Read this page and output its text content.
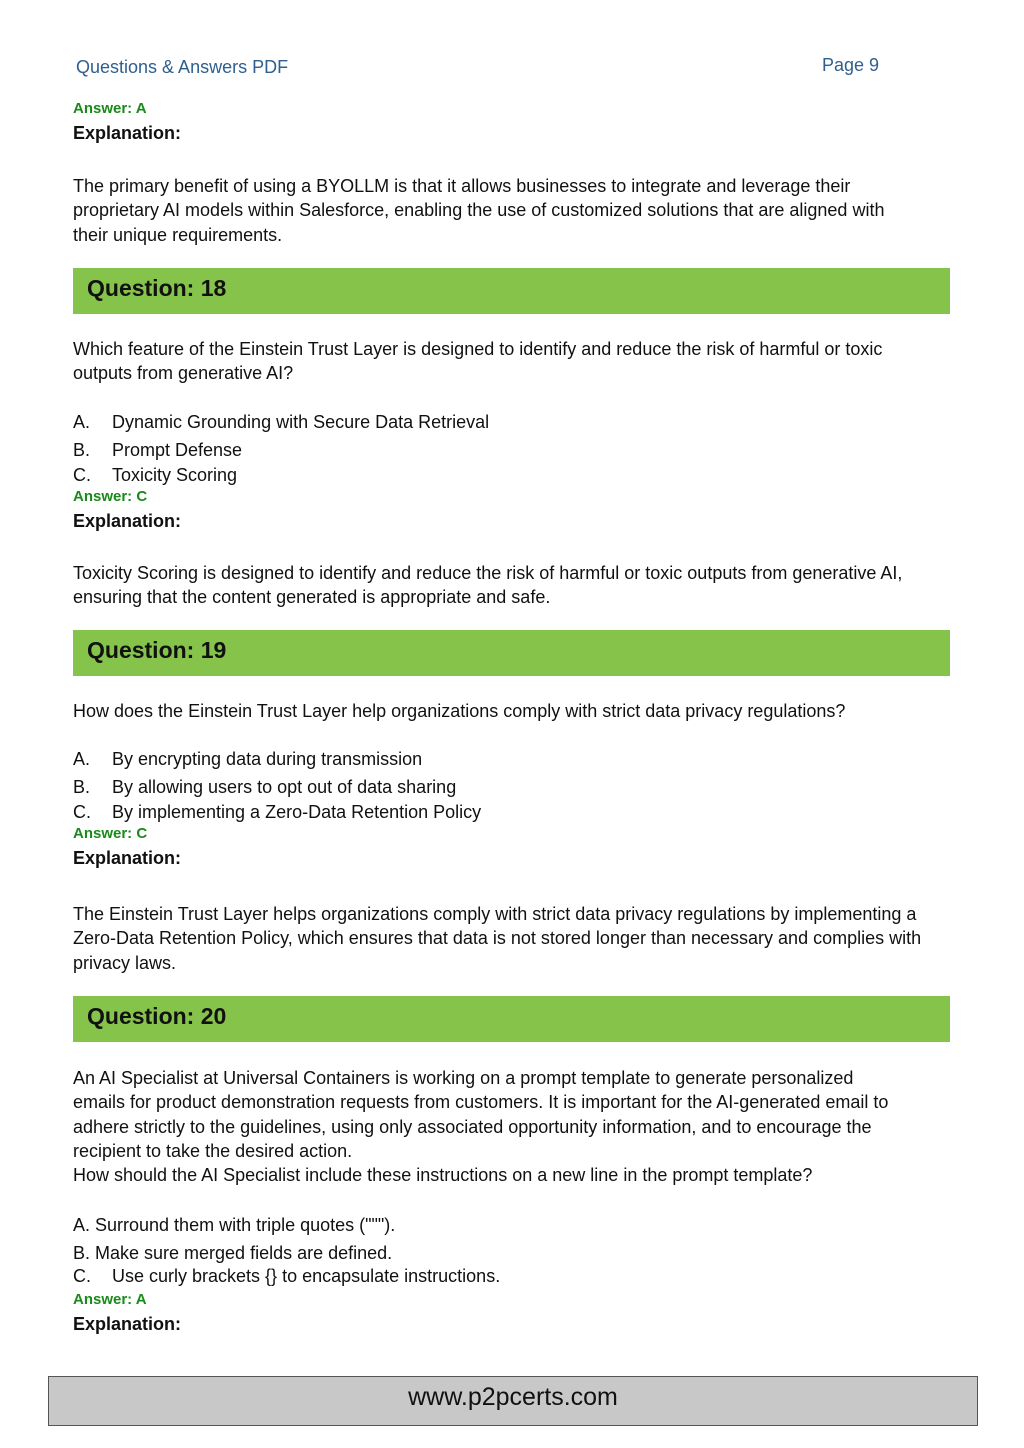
Questions & Answers PDF	Page 9
Answer: A
Explanation:
The primary benefit of using a BYOLLM is that it allows businesses to integrate and leverage their
proprietary AI models within Salesforce, enabling the use of customized solutions that are aligned with
their unique requirements.
Question: 18
Which feature of the Einstein Trust Layer is designed to identify and reduce the risk of harmful or toxic
outputs from generative AI?
A. Dynamic Grounding with Secure Data Retrieval
B. Prompt Defense
C. Toxicity Scoring
Answer: C
Explanation:
Toxicity Scoring is designed to identify and reduce the risk of harmful or toxic outputs from generative AI,
ensuring that the content generated is appropriate and safe.
Question: 19
How does the Einstein Trust Layer help organizations comply with strict data privacy regulations?
A. By encrypting data during transmission
B. By allowing users to opt out of data sharing
C. By implementing a Zero-Data Retention Policy
Answer: C
Explanation:
The Einstein Trust Layer helps organizations comply with strict data privacy regulations by implementing a
Zero-Data Retention Policy, which ensures that data is not stored longer than necessary and complies with
privacy laws.
Question: 20
An AI Specialist at Universal Containers is working on a prompt template to generate personalized
emails for product demonstration requests from customers. It is important for the AI-generated email to
adhere strictly to the guidelines, using only associated opportunity information, and to encourage the
recipient to take the desired action.
How should the AI Specialist include these instructions on a new line in the prompt template?
A. Surround them with triple quotes (""").
B. Make sure merged fields are defined.
C. Use curly brackets {} to encapsulate instructions.
Answer: A
Explanation:
www.p2pcerts.com
